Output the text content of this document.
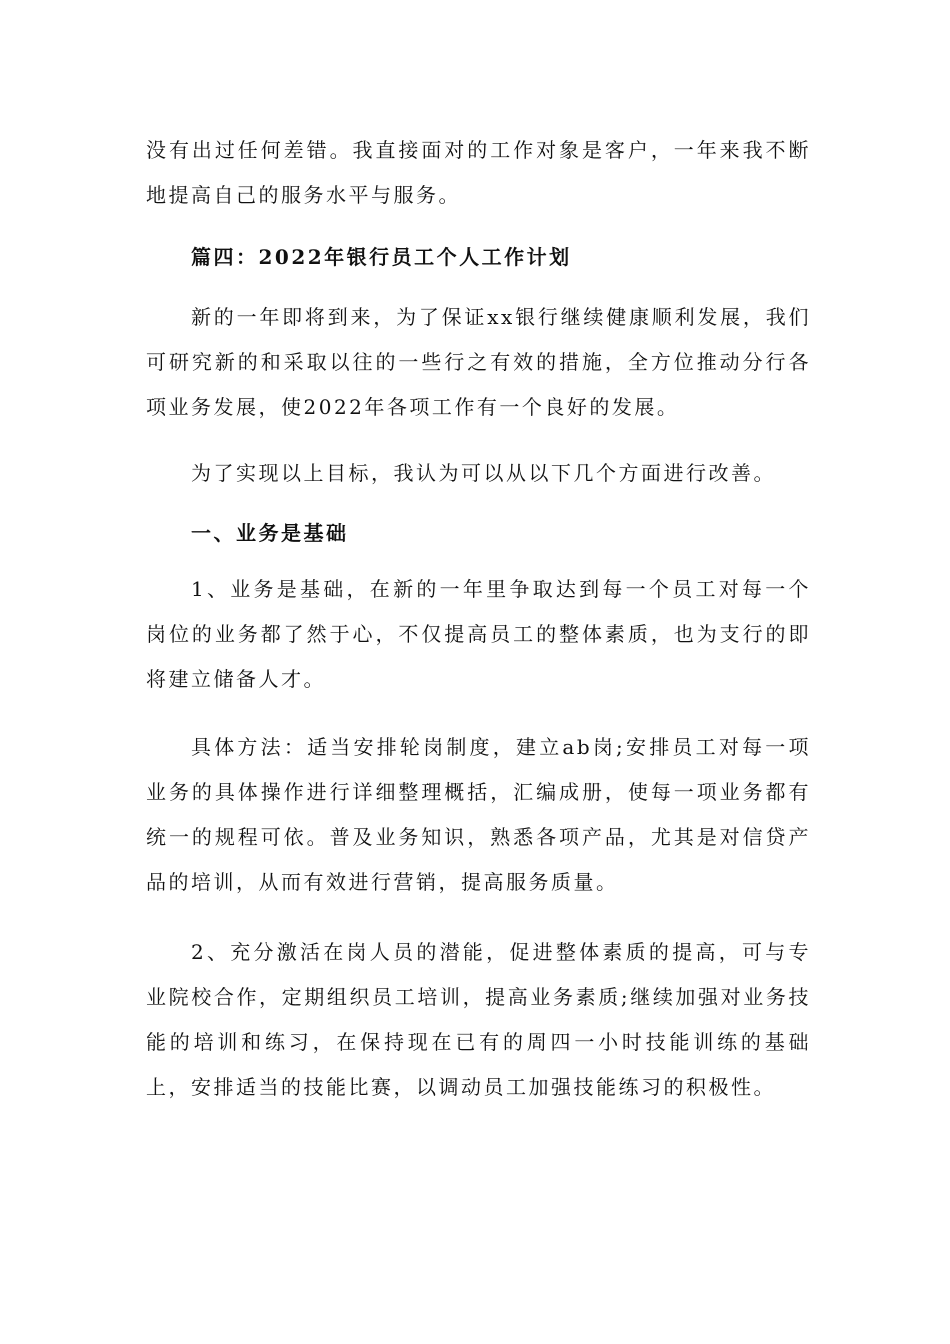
没有出过任何差错。我直接面对的工作对象是客户，一年来我不断地提高自己的服务水平与服务。

篇四：2022年银行员工个人工作计划

新的一年即将到来，为了保证xx银行继续健康顺利发展，我们可研究新的和采取以往的一些行之有效的措施，全方位推动分行各项业务发展，使2022年各项工作有一个良好的发展。

为了实现以上目标，我认为可以从以下几个方面进行改善。

一、业务是基础

1、业务是基础，在新的一年里争取达到每一个员工对每一个岗位的业务都了然于心，不仅提高员工的整体素质，也为支行的即将建立储备人才。

具体方法：适当安排轮岗制度，建立ab岗;安排员工对每一项业务的具体操作进行详细整理概括，汇编成册，使每一项业务都有统一的规程可依。普及业务知识，熟悉各项产品，尤其是对信贷产品的培训，从而有效进行营销，提高服务质量。

2、充分激活在岗人员的潜能，促进整体素质的提高，可与专业院校合作，定期组织员工培训，提高业务素质;继续加强对业务技能的培训和练习，在保持现在已有的周四一小时技能训练的基础上，安排适当的技能比赛，以调动员工加强技能练习的积极性。
